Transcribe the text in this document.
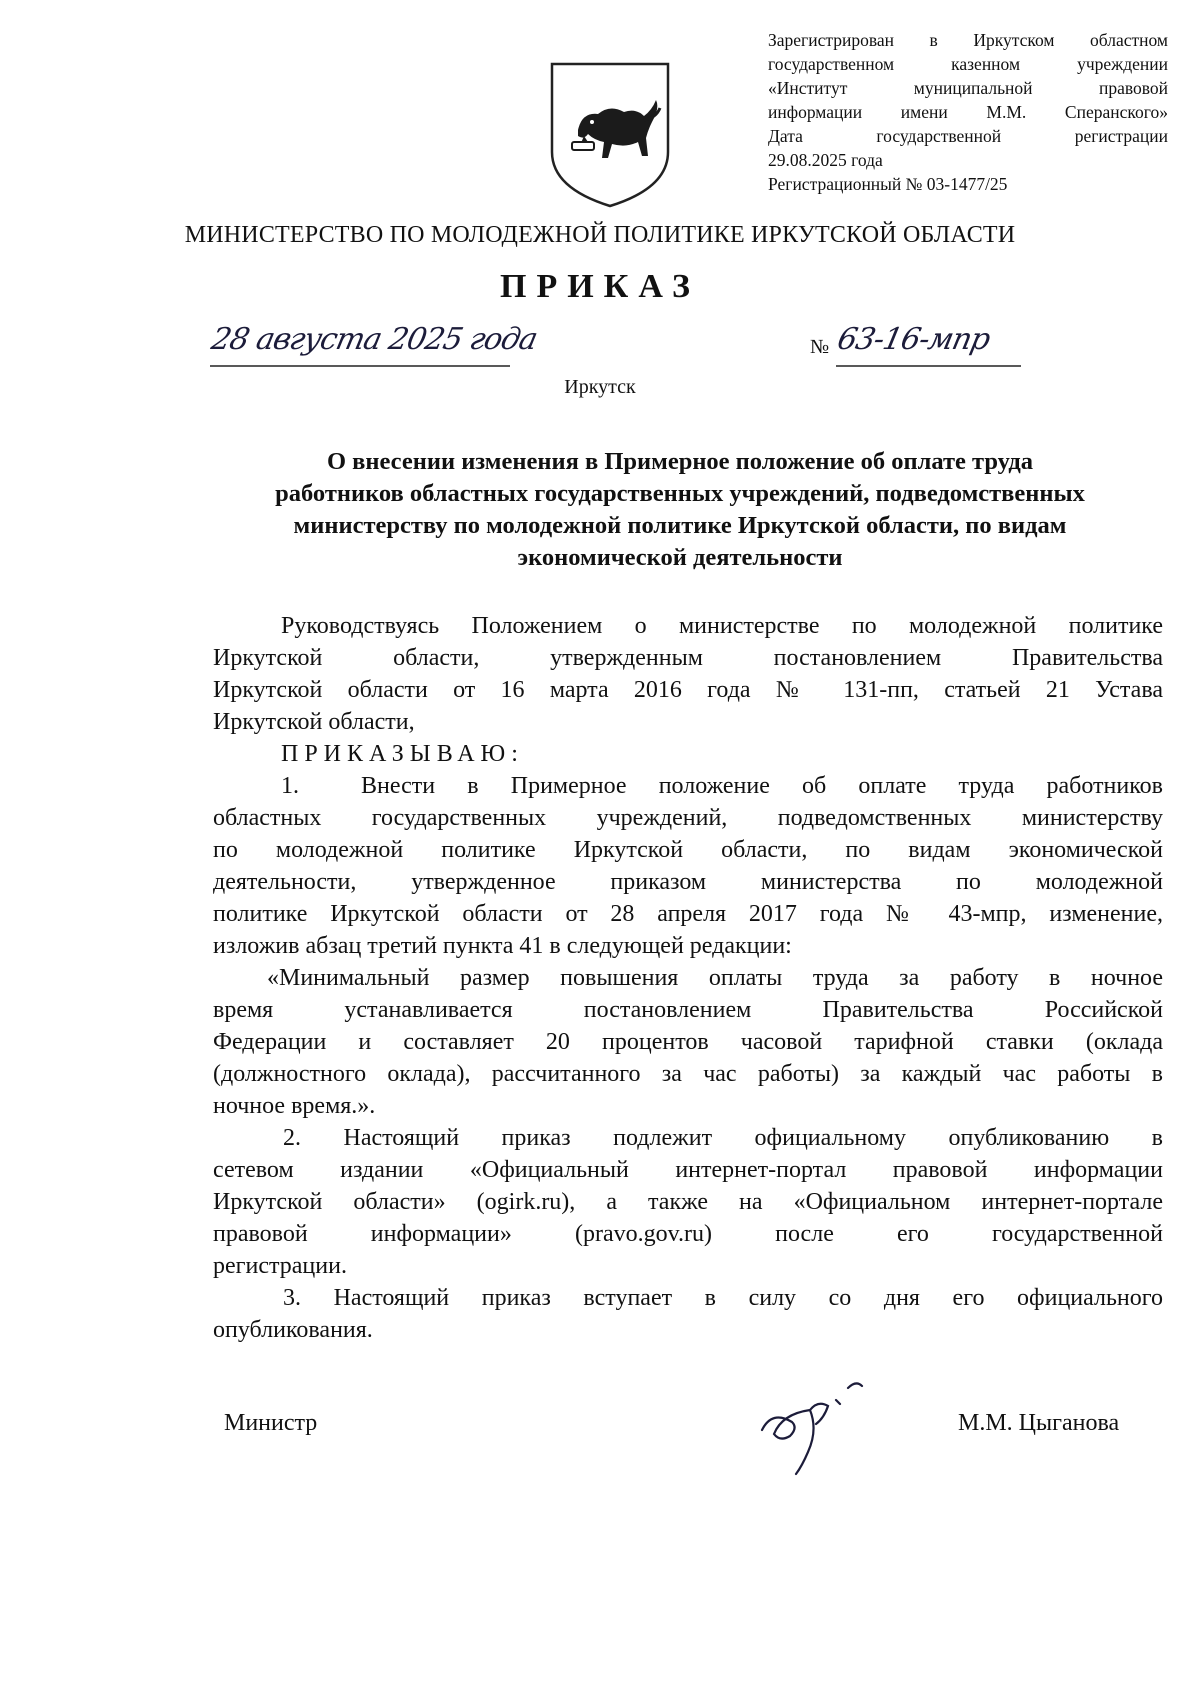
Зарегистрирован в Иркутском областном
государственном казенном учреждении
«Институт муниципальной правовой
информации имени М.М. Сперанского»
Дата государственной регистрации
29.08.2025 года
Регистрационный № 03-1477/25
МИНИСТЕРСТВО ПО МОЛОДЕЖНОЙ ПОЛИТИКЕ ИРКУТСКОЙ ОБЛАСТИ
ПРИКАЗ
28 августа 2025 года	№ 63-16-мпр
Иркутск
О внесении изменения в Примерное положение об оплате труда
работников областных государственных учреждений, подведомственных
министерству по молодежной политике Иркутской области, по видам
экономической деятельности
Руководствуясь Положением о министерстве по молодежной политике
Иркутской области, утвержденным постановлением Правительства
Иркутской области от 16 марта 2016 года № 131-пп, статьей 21 Устава
Иркутской области,
ПРИКАЗЫВАЮ:
1.	Внести в Примерное положение об оплате труда работников
областных государственных учреждений, подведомственных министерству
по молодежной политике Иркутской области, по видам экономической
деятельности, утвержденное приказом министерства по молодежной
политике Иркутской области от 28 апреля 2017 года № 43-мпр, изменение,
изложив абзац третий пункта 41 в следующей редакции:
«Минимальный размер повышения оплаты труда за работу в ночное
время устанавливается постановлением Правительства Российской
Федерации и составляет 20 процентов часовой тарифной ставки (оклада
(должностного оклада), рассчитанного за час работы) за каждый час работы в
ночное время.».
2. Настоящий приказ подлежит официальному опубликованию в
сетевом издании «Официальный интернет-портал правовой информации
Иркутской области» (ogirk.ru), а также на «Официальном интернет-портале
правовой информации» (pravo.gov.ru) после его государственной
регистрации.
3. Настоящий приказ вступает в силу со дня его официального
опубликования.
Министр	М.М. Цыганова
